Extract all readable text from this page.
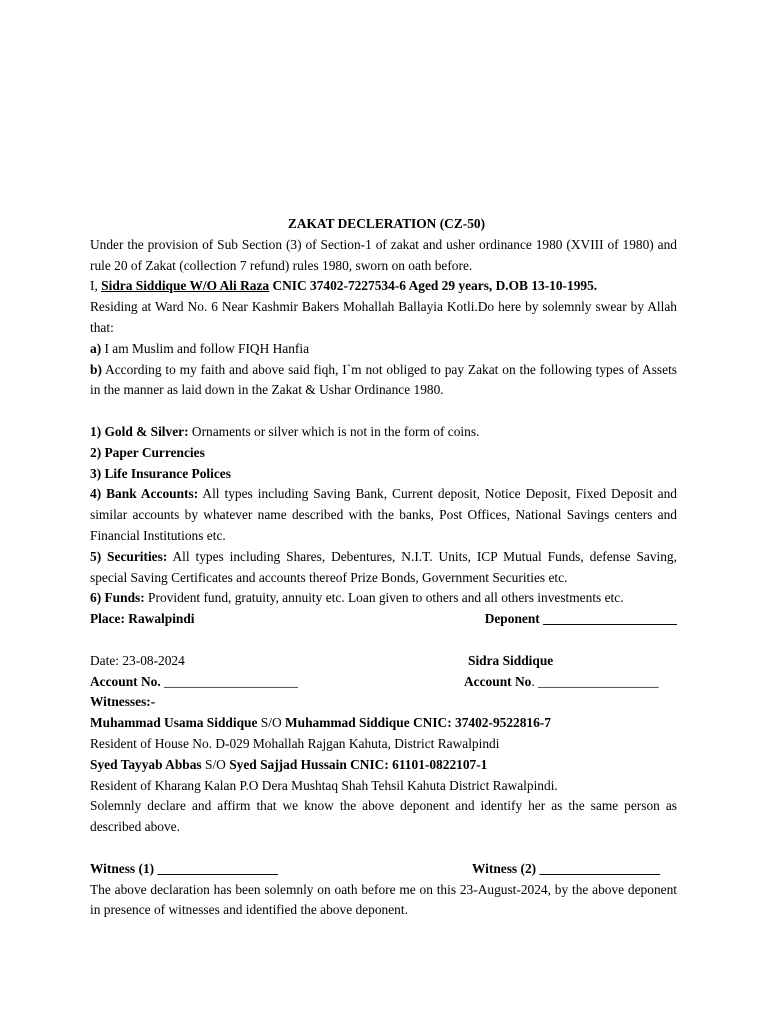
ZAKAT DECLERATION (CZ-50)

Under the provision of Sub Section (3) of Section-1 of zakat and usher ordinance 1980 (XVIII of 1980) and rule 20 of Zakat (collection 7 refund) rules 1980, sworn on oath before.

I, Sidra Siddique W/O Ali Raza CNIC 37402-7227534-6 Aged 29 years, D.OB 13-10-1995.

Residing at Ward No. 6 Near Kashmir Bakers Mohallah Ballayia Kotli.Do here by solemnly swear by Allah that:

a) I am Muslim and follow FIQH Hanfia

b) According to my faith and above said fiqh, I`m not obliged to pay Zakat on the following types of Assets in the manner as laid down in the Zakat & Ushar Ordinance 1980.

1) Gold & Silver: Ornaments or silver which is not in the form of coins.

2) Paper Currencies

3) Life Insurance Polices

4) Bank Accounts: All types including Saving Bank, Current deposit, Notice Deposit, Fixed Deposit and similar accounts by whatever name described with the banks, Post Offices, National Savings centers and Financial Institutions etc.

5) Securities: All types including Shares, Debentures, N.I.T. Units, ICP Mutual Funds, defense Saving, special Saving Certificates and accounts thereof Prize Bonds, Government Securities etc.

6) Funds: Provident fund, gratuity, annuity etc. Loan given to others and all others investments etc.

Place: Rawalpindi	Deponent ____________________
Date: 23-08-2024	Sidra Siddique
Account No. ____________________	Account No. __________________

Witnesses:-

Muhammad Usama Siddique S/O Muhammad Siddique CNIC: 37402-9522816-7

Resident of House No. D-029 Mohallah Rajgan Kahuta, District Rawalpindi

Syed Tayyab Abbas S/O Syed Sajjad Hussain CNIC: 61101-0822107-1

Resident of Kharang Kalan P.O Dera Mushtaq Shah Tehsil Kahuta District Rawalpindi.

Solemnly declare and affirm that we know the above deponent and identify her as the same person as described above.

Witness (1) __________________	Witness (2) __________________

The above declaration has been solemnly on oath before me on this 23-August-2024, by the above deponent in presence of witnesses and identified the above deponent.
